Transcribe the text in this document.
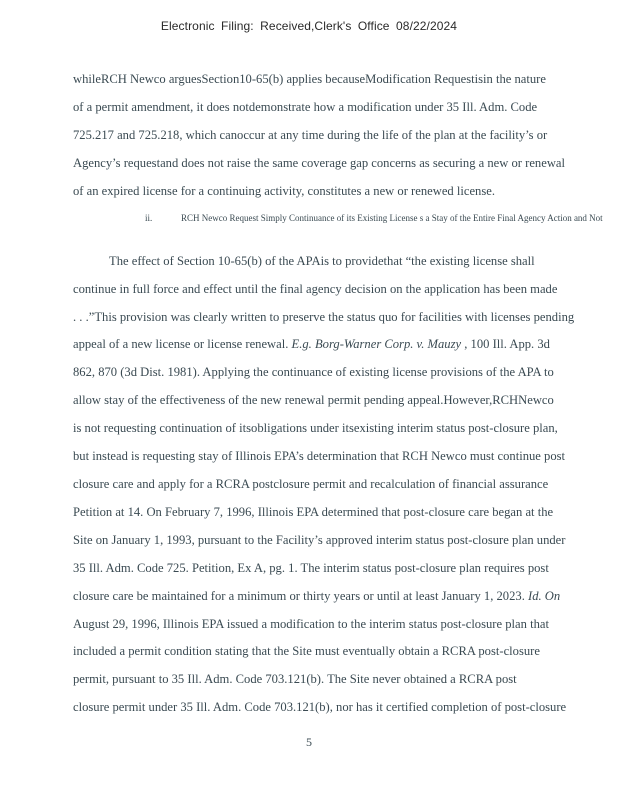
Electronic Filing: Received,Clerk's Office 08/22/2024
whileRCH Newco arguesSection10-65(b) applies becauseModification Requestisin the nature
of a permit amendment, it does notdemonstrate how a modification under 35 Ill. Adm. Code
725.217 and 725.218, which canoccur at any time during the life of the plan at the facility’s or
Agency’s requestand does not raise the same coverage gap concerns as securing a new or renewal
of an expired license for a continuing activity, constitutes a new or renewed license.
ii.	RCH Newco Request Simply Continuance of its Existing License s a Stay of the Entire Final Agency Action and Not
The effect of Section 10-65(b) of the APAis to providethat “the existing license shall
continue in full force and effect until the final agency decision on the application has been made
. . .”This provision was clearly written to preserve the status quo for facilities with licenses pending
appeal of a new license or license renewal. E.g. Borg-Warner Corp. v. Mauzy , 100 Ill. App. 3d
862, 870 (3d Dist. 1981). Applying the continuance of existing license provisions of the APA to
allow stay of the effectiveness of the new renewal permit pending appeal.However,RCHNewco
is not requesting continuation of itsobligations under itsexisting interim status post-closure plan,
but instead is requesting stay of Illinois EPA’s determination that RCH Newco must continue post
closure care and apply for a RCRA postclosure permit and recalculation of financial assurance
Petition at 14. On February 7, 1996, Illinois EPA determined that post-closure care began at the
Site on January 1, 1993, pursuant to the Facility’s approved interim status post-closure plan under
35 Ill. Adm. Code 725. Petition, Ex A, pg. 1. The interim status post-closure plan requires post
closure care be maintained for a minimum or thirty years or until at least January 1, 2023. Id. On
August 29, 1996, Illinois EPA issued a modification to the interim status post-closure plan that
included a permit condition stating that the Site must eventually obtain a RCRA post-closure
permit, pursuant to 35 Ill. Adm. Code 703.121(b). The Site never obtained a RCRA post
closure permit under 35 Ill. Adm. Code 703.121(b), nor has it certified completion of post-closure
5
